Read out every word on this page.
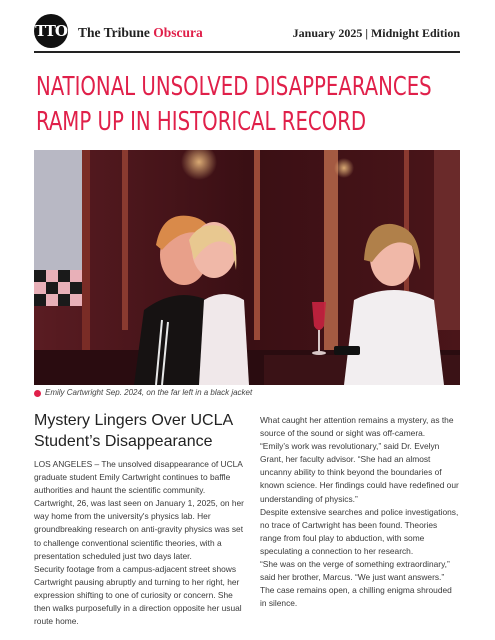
TTO The Tribune Obscura	January 2025 | Midnight Edition
NATIONAL UNSOLVED DISAPPEARANCES
RAMP UP IN HISTORICAL RECORD
Emily Cartwright Sep. 2024, on the far left in a black jacket
Mystery Lingers Over UCLA
Student’s Disappearance

LOS ANGELES – The unsolved disappearance of UCLA graduate student Emily Cartwright continues to baffle authorities and haunt the scientific community.

Cartwright, 26, was last seen on January 1, 2025, on her way home from the university's physics lab. Her groundbreaking research on anti-gravity physics was set to challenge conventional scientific theories, with a presentation scheduled just two days later.

Security footage from a campus-adjacent street shows Cartwright pausing abruptly and turning to her right, her expression shifting to one of curiosity or concern. She then walks purposefully in a direction opposite her usual route home.

What caught her attention remains a mystery, as the source of the sound or sight was off-camera.

“Emily’s work was revolutionary,” said Dr. Evelyn Grant, her faculty advisor. “She had an almost uncanny ability to think beyond the boundaries of known science. Her findings could have redefined our understanding of physics.”

Despite extensive searches and police investigations, no trace of Cartwright has been found. Theories range from foul play to abduction, with some speculating a connection to her research.

“She was on the verge of something extraordinary,” said her brother, Marcus. “We just want answers.”

The case remains open, a chilling enigma shrouded in silence.
